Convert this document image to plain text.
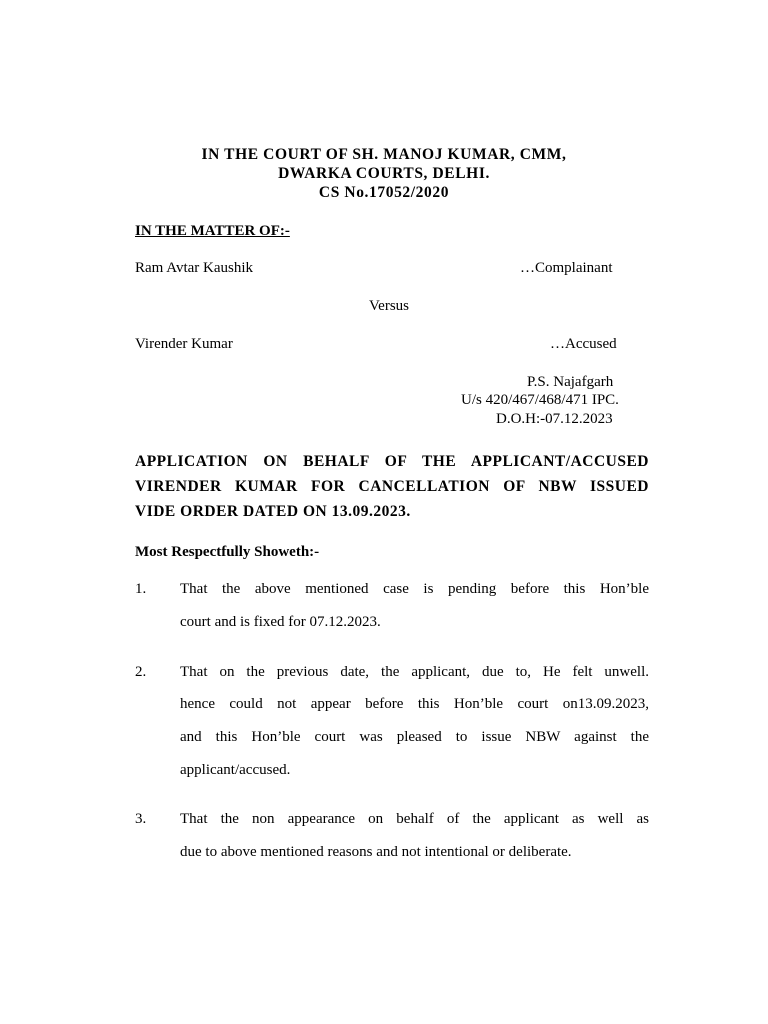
IN THE COURT OF SH. MANOJ KUMAR, CMM,
DWARKA COURTS, DELHI.
CS No.17052/2020
IN THE MATTER OF:-
Ram Avtar Kaushik	…Complainant
Versus
Virender Kumar	…Accused
P.S. Najafgarh
U/s 420/467/468/471 IPC.
D.O.H:-07.12.2023
APPLICATION ON BEHALF OF THE APPLICANT/ACCUSED
VIRENDER KUMAR FOR CANCELLATION OF NBW ISSUED
VIDE ORDER DATED ON 13.09.2023.
Most Respectfully Showeth:-
1. That the above mentioned case is pending before this Hon’ble
court and is fixed for 07.12.2023.
2. That on the previous date, the applicant, due to, He felt unwell.
hence could not appear before this Hon’ble court on13.09.2023,
and this Hon’ble court was pleased to issue NBW against the
applicant/accused.
3. That the non appearance on behalf of the applicant as well as
due to above mentioned reasons and not intentional or deliberate.
